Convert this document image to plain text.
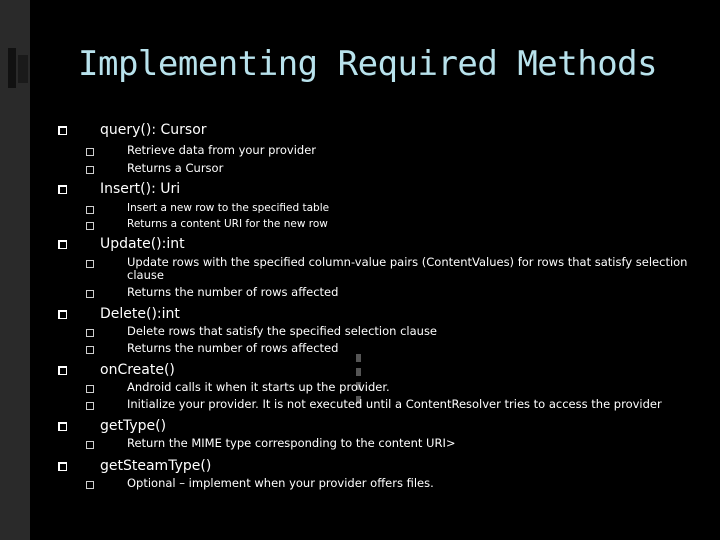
Implementing Required Methods
query(): Cursor
Retrieve data from your provider
Returns a Cursor
Insert(): Uri
Insert a new row to the specified table
Returns a content URI for the new row
Update():int
Update rows with the specified column-value pairs (ContentValues) for rows that satisfy selection clause
Returns the number of rows affected
Delete():int
Delete rows that satisfy the specified selection clause
Returns the number of rows affected
onCreate()
Android calls it when it starts up the provider.
Initialize your provider. It is not executed until a ContentResolver tries to access the provider
getType()
Return the MIME type corresponding to the content URI>
getSteamType()
Optional – implement when your provider offers files.
